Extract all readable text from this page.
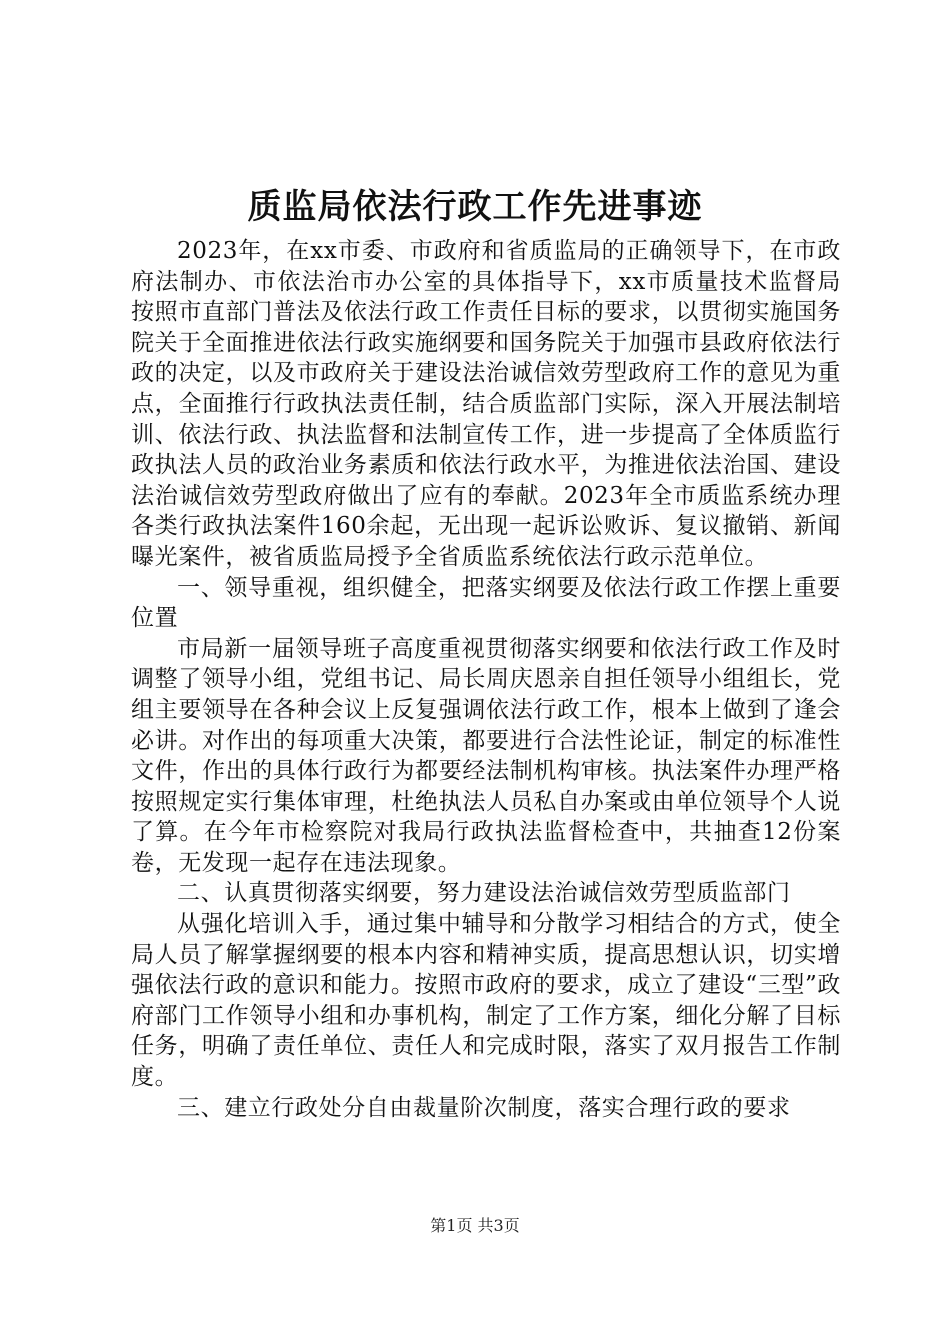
质监局依法行政工作先进事迹

2023年，在xx市委、市政府和省质监局的正确领导下，在市政府法制办、市依法治市办公室的具体指导下，xx市质量技术监督局按照市直部门普法及依法行政工作责任目标的要求，以贯彻实施国务院关于全面推进依法行政实施纲要和国务院关于加强市县政府依法行政的决定，以及市政府关于建设法治诚信效劳型政府工作的意见为重点，全面推行行政执法责任制，结合质监部门实际，深入开展法制培训、依法行政、执法监督和法制宣传工作，进一步提高了全体质监行政执法人员的政治业务素质和依法行政水平，为推进依法治国、建设法治诚信效劳型政府做出了应有的奉献。2023年全市质监系统办理各类行政执法案件160余起，无出现一起诉讼败诉、复议撤销、新闻曝光案件，被省质监局授予全省质监系统依法行政示范单位。

一、领导重视，组织健全，把落实纲要及依法行政工作摆上重要位置

市局新一届领导班子高度重视贯彻落实纲要和依法行政工作及时调整了领导小组，党组书记、局长周庆恩亲自担任领导小组组长，党组主要领导在各种会议上反复强调依法行政工作，根本上做到了逢会必讲。对作出的每项重大决策，都要进行合法性论证，制定的标准性文件，作出的具体行政行为都要经法制机构审核。执法案件办理严格按照规定实行集体审理，杜绝执法人员私自办案或由单位领导个人说了算。在今年市检察院对我局行政执法监督检查中，共抽查12份案卷，无发现一起存在违法现象。

二、认真贯彻落实纲要，努力建设法治诚信效劳型质监部门

从强化培训入手，通过集中辅导和分散学习相结合的方式，使全局人员了解掌握纲要的根本内容和精神实质，提高思想认识，切实增强依法行政的意识和能力。按照市政府的要求，成立了建设“三型”政府部门工作领导小组和办事机构，制定了工作方案，细化分解了目标任务，明确了责任单位、责任人和完成时限，落实了双月报告工作制度。

三、建立行政处分自由裁量阶次制度，落实合理行政的要求

第1页 共3页
